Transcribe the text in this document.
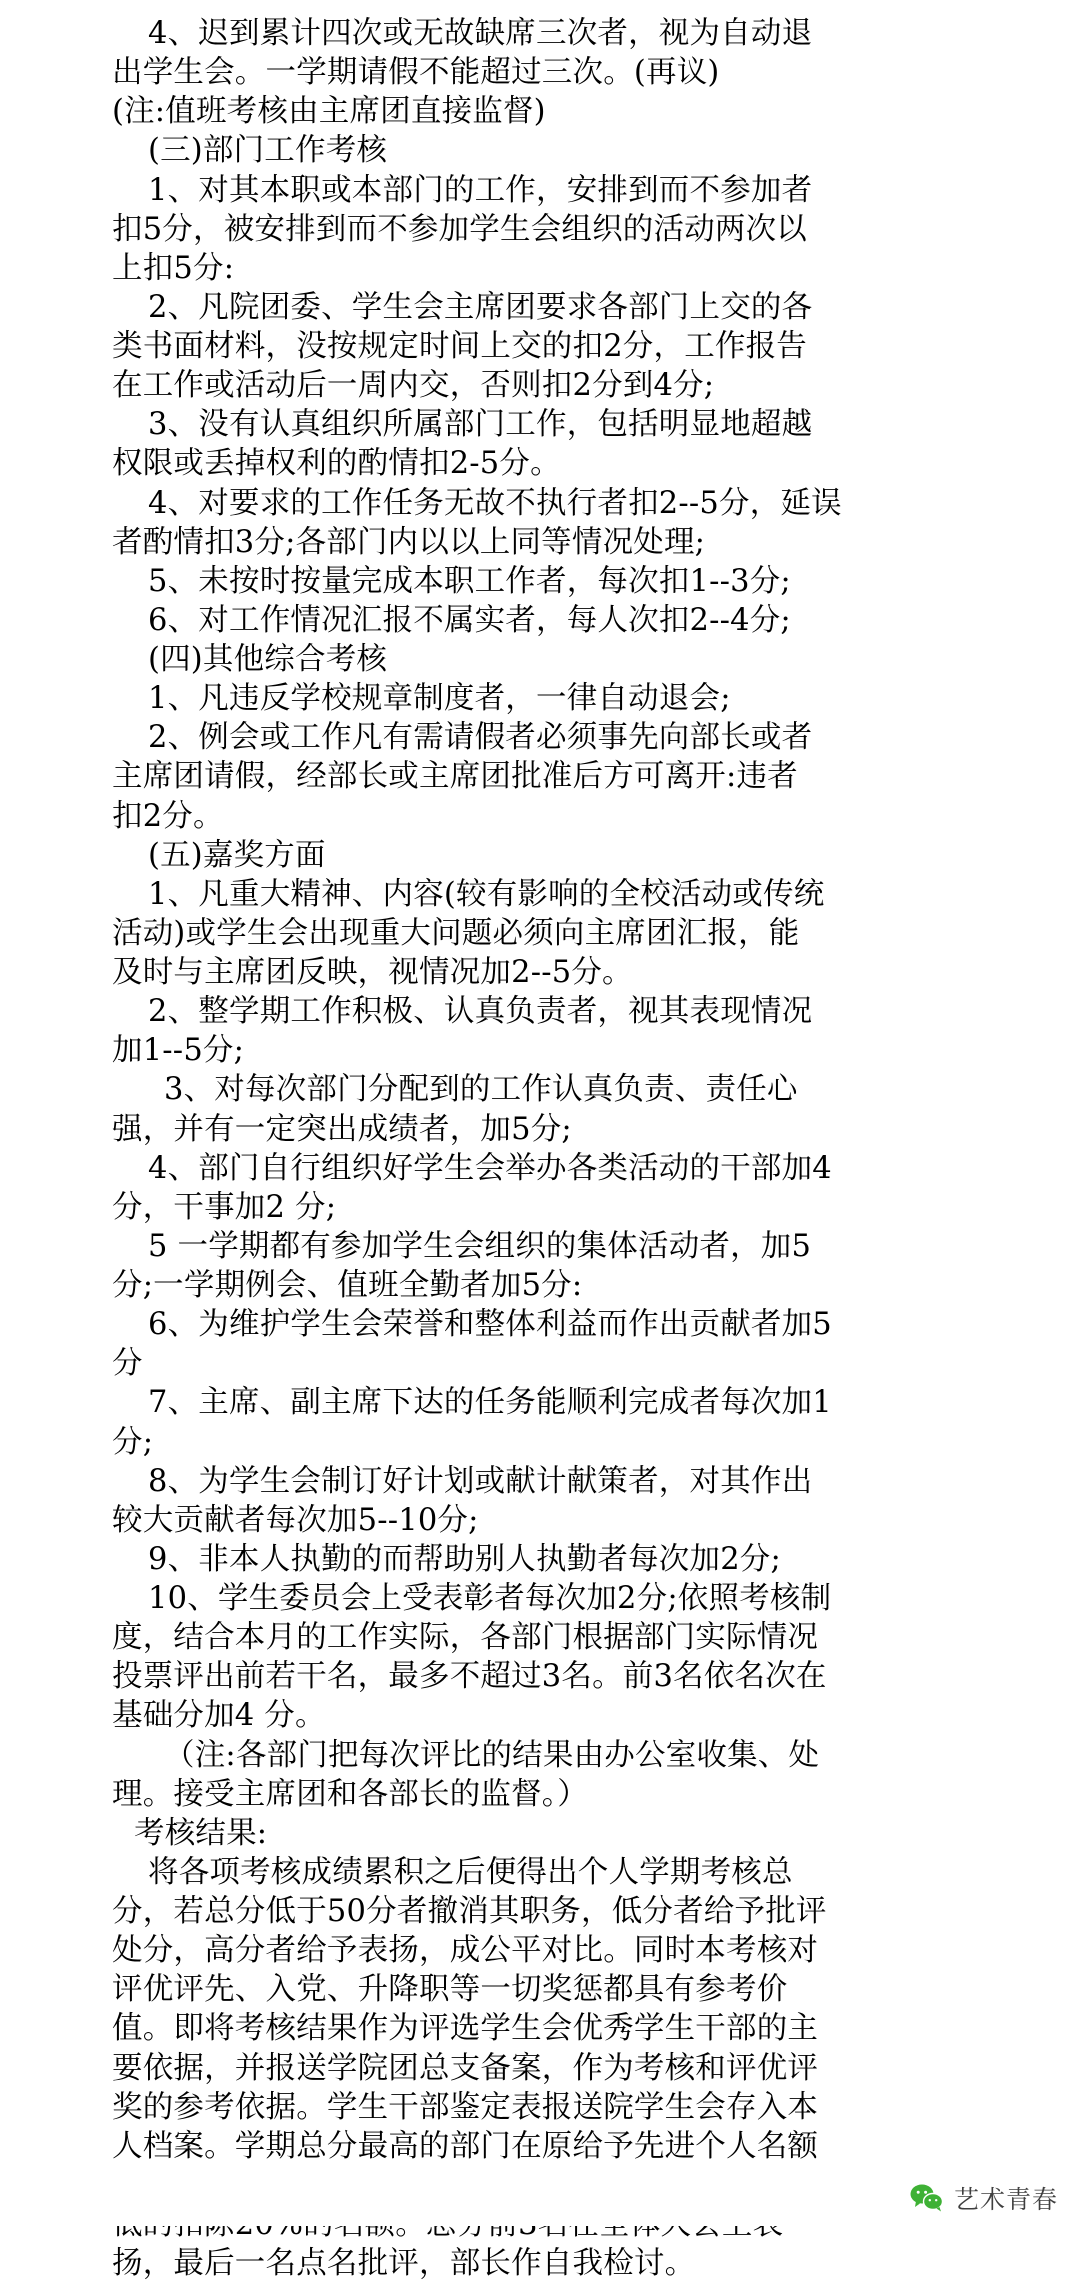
4、迟到累计四次或无故缺席三次者，视为自动退

出学生会。一学期请假不能超过三次。(再议)

(注:值班考核由主席团直接监督)

(三)部门工作考核

1、对其本职或本部门的工作，安排到而不参加者

扣5分，被安排到而不参加学生会组织的活动两次以

上扣5分:

2、凡院团委、学生会主席团要求各部门上交的各

类书面材料，没按规定时间上交的扣2分，工作报告

在工作或活动后一周内交，否则扣2分到4分;

3、没有认真组织所属部门工作，包括明显地超越

权限或丢掉权利的酌情扣2-5分。

4、对要求的工作任务无故不执行者扣2--5分，延误

者酌情扣3分;各部门内以以上同等情况处理;

5、未按时按量完成本职工作者，每次扣1--3分;

6、对工作情况汇报不属实者，每人次扣2--4分;

(四)其他综合考核

1、凡违反学校规章制度者，一律自动退会;

2、例会或工作凡有需请假者必须事先向部长或者

主席团请假，经部长或主席团批准后方可离开:违者

扣2分。

(五)嘉奖方面

1、凡重大精神、内容(较有影响的全校活动或传统

活动)或学生会出现重大问题必须向主席团汇报，能

及时与主席团反映，视情况加2--5分。

2、整学期工作积极、认真负责者，视其表现情况

加1--5分;

3、对每次部门分配到的工作认真负责、责任心

强，并有一定突出成绩者，加5分;

4、部门自行组织好学生会举办各类活动的干部加4

分，干事加2 分;

5 一学期都有参加学生会组织的集体活动者，加5

分;一学期例会、值班全勤者加5分:

6、为维护学生会荣誉和整体利益而作出贡献者加5

分

7、主席、副主席下达的任务能顺利完成者每次加1

分;

8、为学生会制订好计划或献计献策者，对其作出

较大贡献者每次加5--10分;

9、非本人执勤的而帮助别人执勤者每次加2分;

10、学生委员会上受表彰者每次加2分;依照考核制

度，结合本月的工作实际，各部门根据部门实际情况

投票评出前若干名，最多不超过3名。前3名依名次在

基础分加4 分。

（注:各部门把每次评比的结果由办公室收集、处

理。接受主席团和各部长的监督。）

考核结果:

将各项考核成绩累积之后便得出个人学期考核总

分，若总分低于50分者撤消其职务，低分者给予批评

处分，高分者给予表扬，成公平对比。同时本考核对

评优评先、入党、升降职等一切奖惩都具有参考价

值。即将考核结果作为评选学生会优秀学生干部的主

要依据，并报送学院团总支备案，作为考核和评优评

奖的参考依据。学生干部鉴定表报送院学生会存入本

人档案。学期总分最高的部门在原给予先进个人名额

扬，最后一名点名批评，部长作自我检讨。

艺术青春
